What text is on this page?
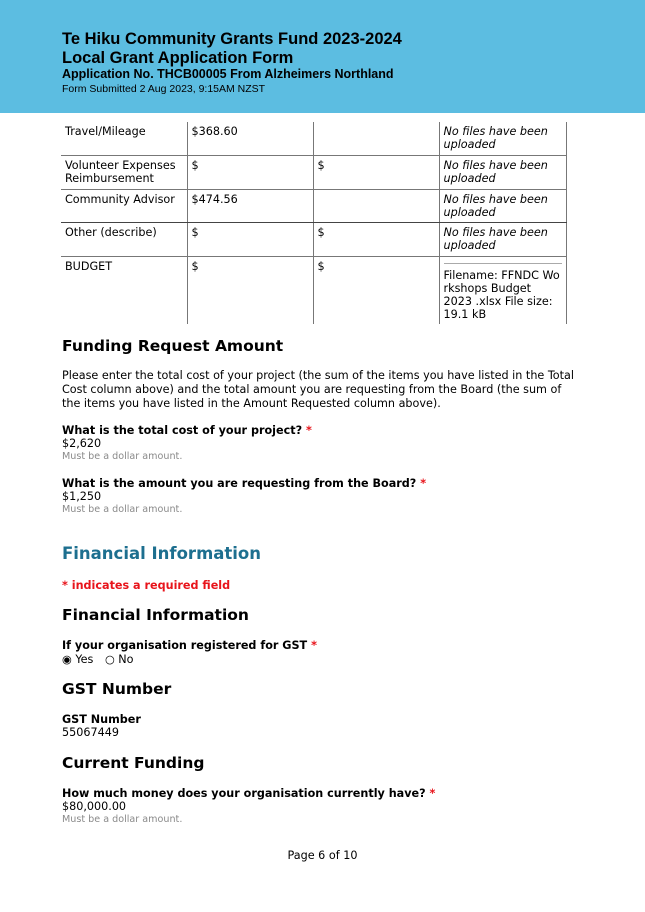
Te Hiku Community Grants Fund 2023-2024
Local Grant Application Form
Application No. THCB00005 From Alzheimers Northland
Form Submitted 2 Aug 2023, 9:15AM NZST
Travel/Mileage	$368.60		No files have been uploaded
Volunteer Expenses Reimbursement	$	$	No files have been uploaded
Community Advisor	$474.56		No files have been uploaded
Other (describe)	$	$	No files have been uploaded
BUDGET	$	$	Filename: FFNDC Wo rkshops Budget 2023 .xlsx File size: 19.1 kB
Funding Request Amount
Please enter the total cost of your project (the sum of the items you have listed in the Total Cost column above) and the total amount you are requesting from the Board (the sum of the items you have listed in the Amount Requested column above).
What is the total cost of your project? *
$2,620
Must be a dollar amount.
What is the amount you are requesting from the Board? *
$1,250
Must be a dollar amount.
Financial Information
* indicates a required field
Financial Information
If your organisation registered for GST *
◉ Yes ○ No
GST Number
GST Number
55067449
Current Funding
How much money does your organisation currently have? *
$80,000.00
Must be a dollar amount.
Page 6 of 10
